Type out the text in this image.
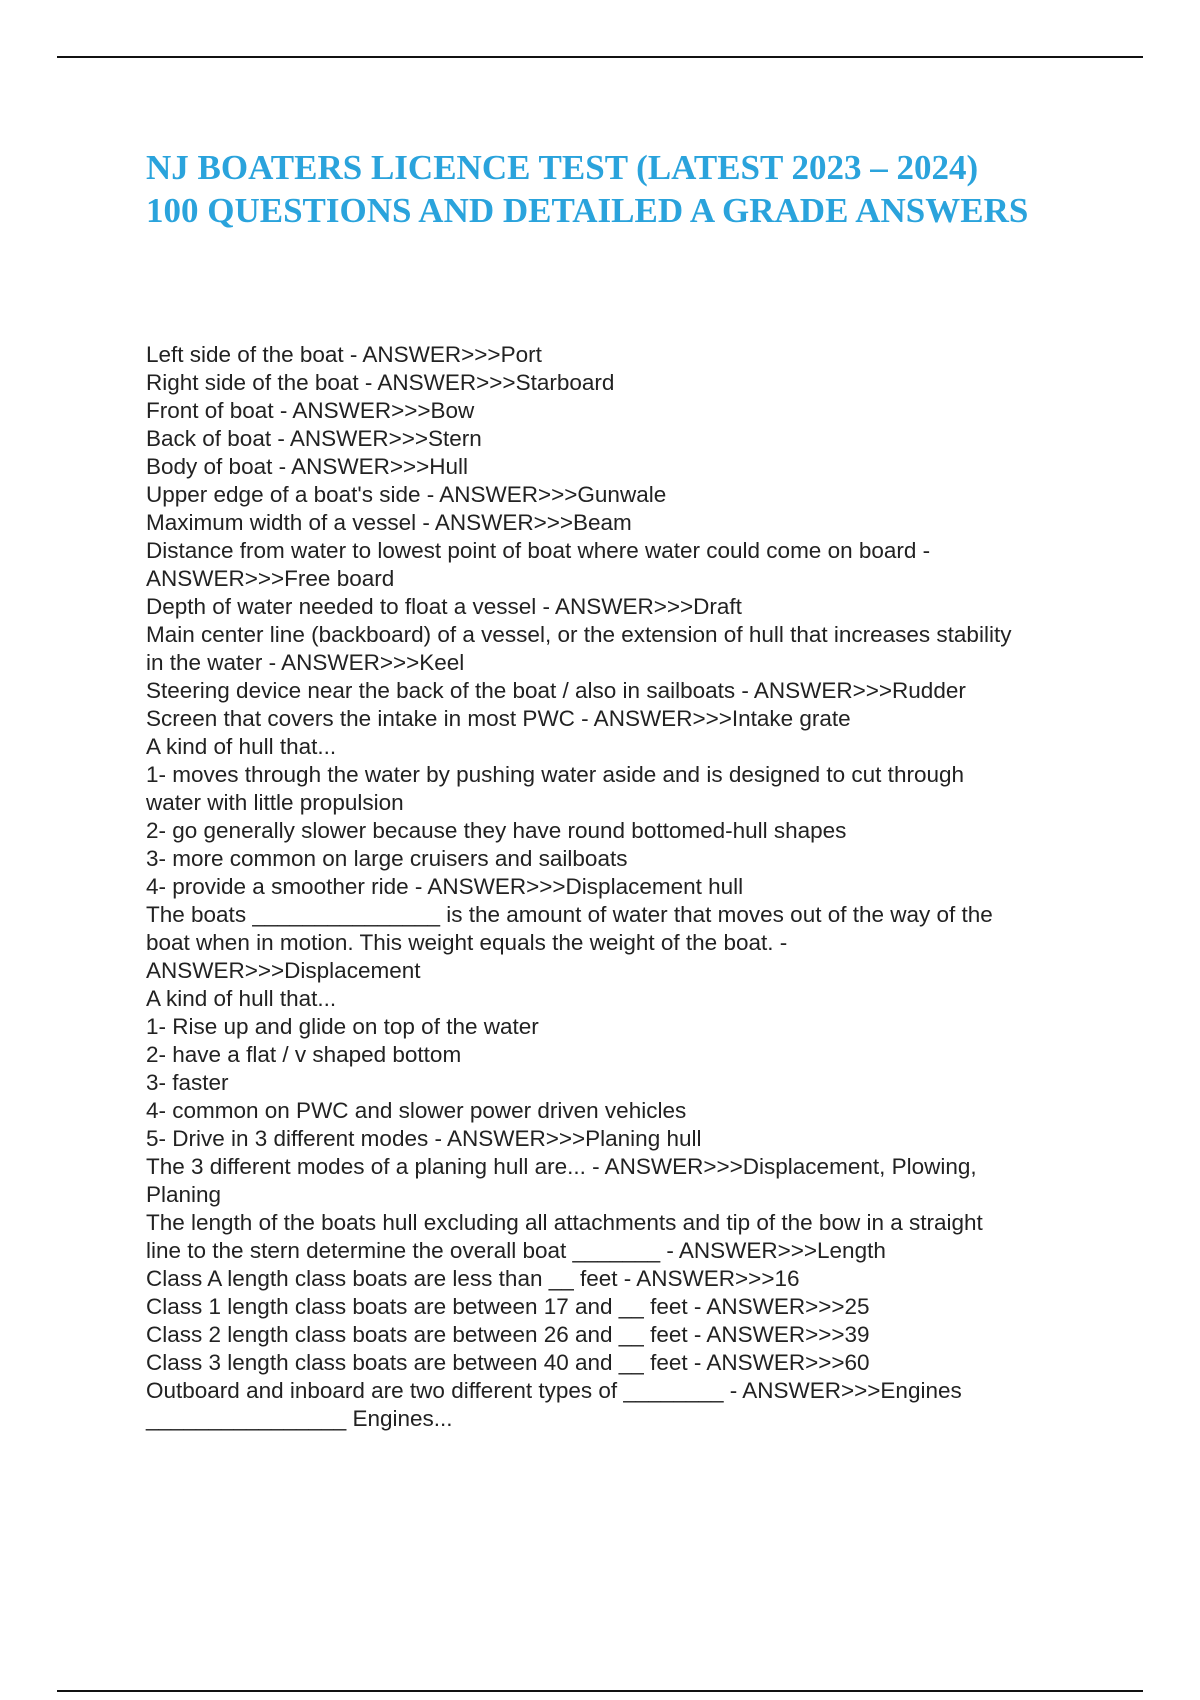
NJ BOATERS LICENCE TEST (LATEST 2023 – 2024)
100 QUESTIONS AND DETAILED A GRADE ANSWERS
Left side of the boat - ANSWER>>>Port
Right side of the boat - ANSWER>>>Starboard
Front of boat - ANSWER>>>Bow
Back of boat - ANSWER>>>Stern
Body of boat - ANSWER>>>Hull
Upper edge of a boat's side - ANSWER>>>Gunwale
Maximum width of a vessel - ANSWER>>>Beam
Distance from water to lowest point of boat where water could come on board -
ANSWER>>>Free board
Depth of water needed to float a vessel - ANSWER>>>Draft
Main center line (backboard) of a vessel, or the extension of hull that increases stability
in the water - ANSWER>>>Keel
Steering device near the back of the boat / also in sailboats - ANSWER>>>Rudder
Screen that covers the intake in most PWC - ANSWER>>>Intake grate
A kind of hull that...
1- moves through the water by pushing water aside and is designed to cut through
water with little propulsion
2- go generally slower because they have round bottomed-hull shapes
3- more common on large cruisers and sailboats
4- provide a smoother ride - ANSWER>>>Displacement hull
The boats _______________ is the amount of water that moves out of the way of the
boat when in motion. This weight equals the weight of the boat. -
ANSWER>>>Displacement
A kind of hull that...
1- Rise up and glide on top of the water
2- have a flat / v shaped bottom
3- faster
4- common on PWC and slower power driven vehicles
5- Drive in 3 different modes - ANSWER>>>Planing hull
The 3 different modes of a planing hull are... - ANSWER>>>Displacement, Plowing,
Planing
The length of the boats hull excluding all attachments and tip of the bow in a straight
line to the stern determine the overall boat _______ - ANSWER>>>Length
Class A length class boats are less than __ feet - ANSWER>>>16
Class 1 length class boats are between 17 and __ feet - ANSWER>>>25
Class 2 length class boats are between 26 and __ feet - ANSWER>>>39
Class 3 length class boats are between 40 and __ feet - ANSWER>>>60
Outboard and inboard are two different types of ________ - ANSWER>>>Engines
________________ Engines...
